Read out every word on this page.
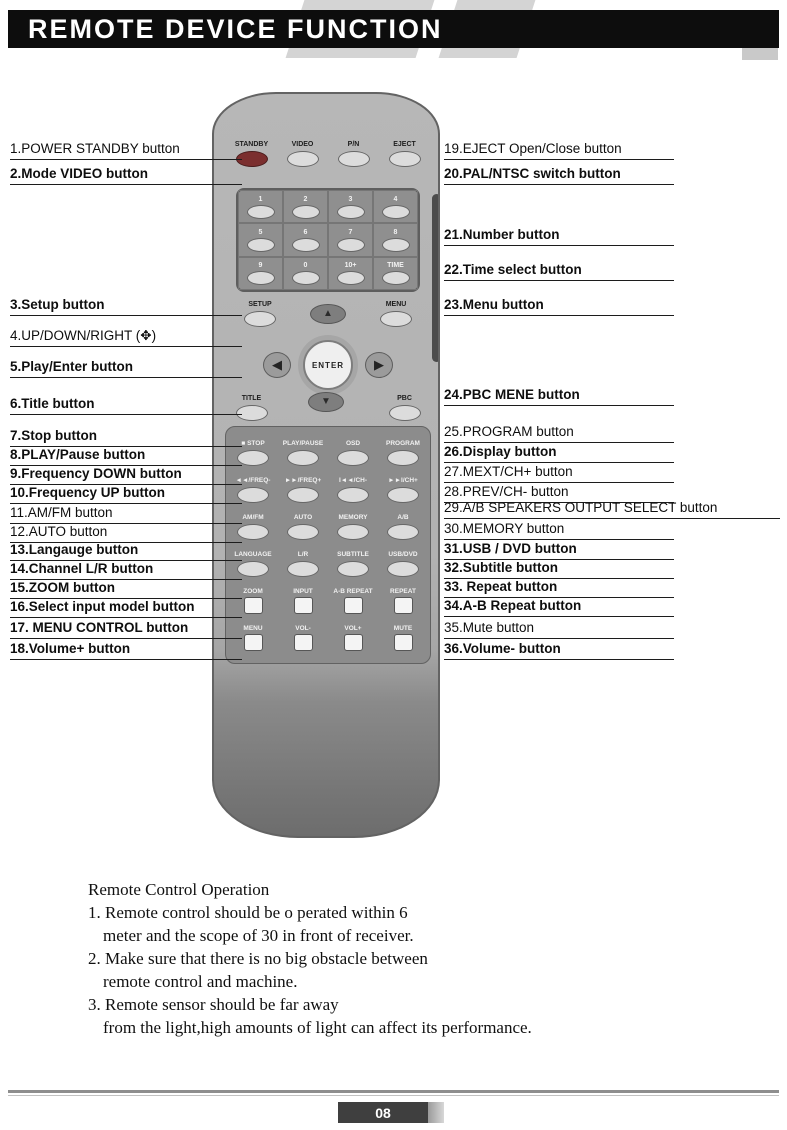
REMOTE DEVICE FUNCTION
STANDBY	VIDEO	P/N	EJECT
1	2	3	4
5	6	7	8
9	0	10+	TIME
SETUP
▲
MENU
◀	ENTER ▶
▼
TITLE	PBC
■ STOP	PLAY/PAUSE	OSD	PROGRAM
◄◄/FREQ-	►►/FREQ+	I◄◄/CH-	►►I/CH+
AM/FM	AUTO	MEMORY	A/B
LANGUAGE	L/R	SUBTITLE	USB/DVD
ZOOM	INPUT	A-B REPEAT	REPEAT
MENU	VOL-	VOL+	MUTE
1.POWER STANDBY button
2.Mode VIDEO button
3.Setup button
4.UP/DOWN/RIGHT (✥)
5.Play/Enter button
6.Title button
7.Stop button
8.PLAY/Pause button
9.Frequency DOWN button
10.Frequency UP button
11.AM/FM button
12.AUTO button
13.Langauge button
14.Channel L/R button
15.ZOOM button
16.Select input model button
17. MENU CONTROL button
18.Volume+ button
19.EJECT Open/Close button
20.PAL/NTSC switch button
21.Number button
22.Time select button
23.Menu button
24.PBC MENE button
25.PROGRAM button
26.Display button
27.MEXT/CH+ button
28.PREV/CH- button
29.A/B SPEAKERS OUTPUT SELECT button
30.MEMORY button
31.USB / DVD button
32.Subtitle button
33. Repeat button
34.A-B Repeat button
35.Mute button
36.Volume- button
Remote Control Operation
1. Remote control should be o perated within 6
meter and the scope of 30 in front of receiver.
2. Make sure that there is no big obstacle between
remote control and machine.
3. Remote sensor should be far away
from the light,high amounts of light can affect its performance.
08
